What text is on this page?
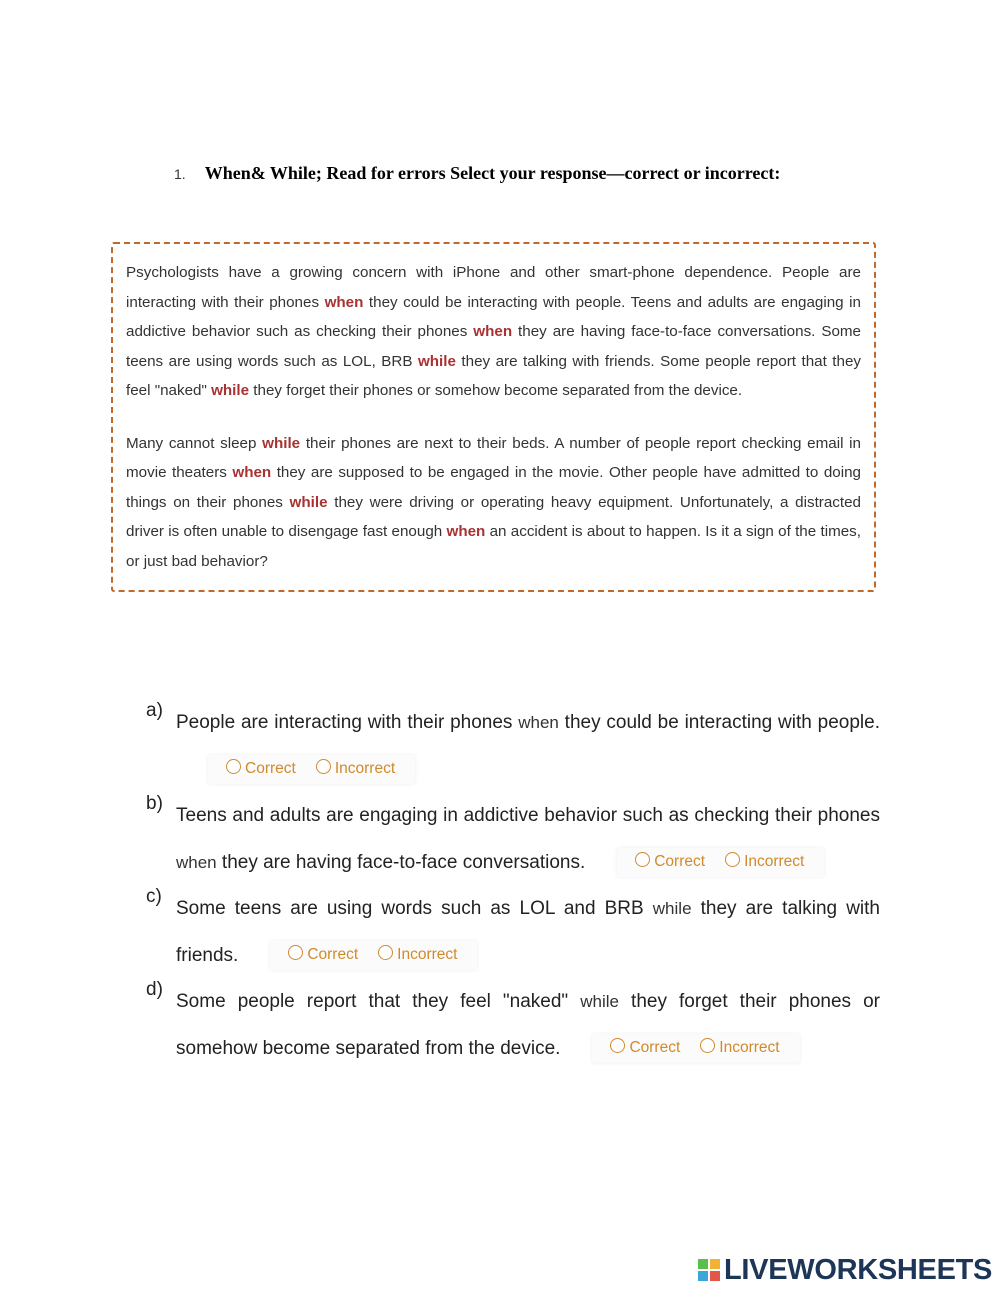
1. When& While; Read for errors Select your response—correct or incorrect:

Psychologists have a growing concern with iPhone and other smart-phone dependence. People are interacting with their phones when they could be interacting with people. Teens and adults are engaging in addictive behavior such as checking their phones when they are having face-to-face conversations. Some teens are using words such as LOL, BRB while they are talking with friends. Some people report that they feel "naked" while they forget their phones or somehow become separated from the device.

Many cannot sleep while their phones are next to their beds. A number of people report checking email in movie theaters when they are supposed to be engaged in the movie. Other people have admitted to doing things on their phones while they were driving or operating heavy equipment. Unfortunately, a distracted driver is often unable to disengage fast enough when an accident is about to happen. Is it a sign of the times, or just bad behavior?

a)
People are interacting with their phones when they could be interacting with people.Correct	Incorrect
b)
Teens and adults are engaging in addictive behavior such as checking their phones when they are having face-to-face conversations.	Correct	Incorrect
c)
Some teens are using words such as LOL and BRB while they are talking with friends.	Correct	Incorrect
d)
Some people report that they feel "naked" while they forget their phones or somehow become separated from the device.	Correct	Incorrect
LIVEWORKSHEETS
